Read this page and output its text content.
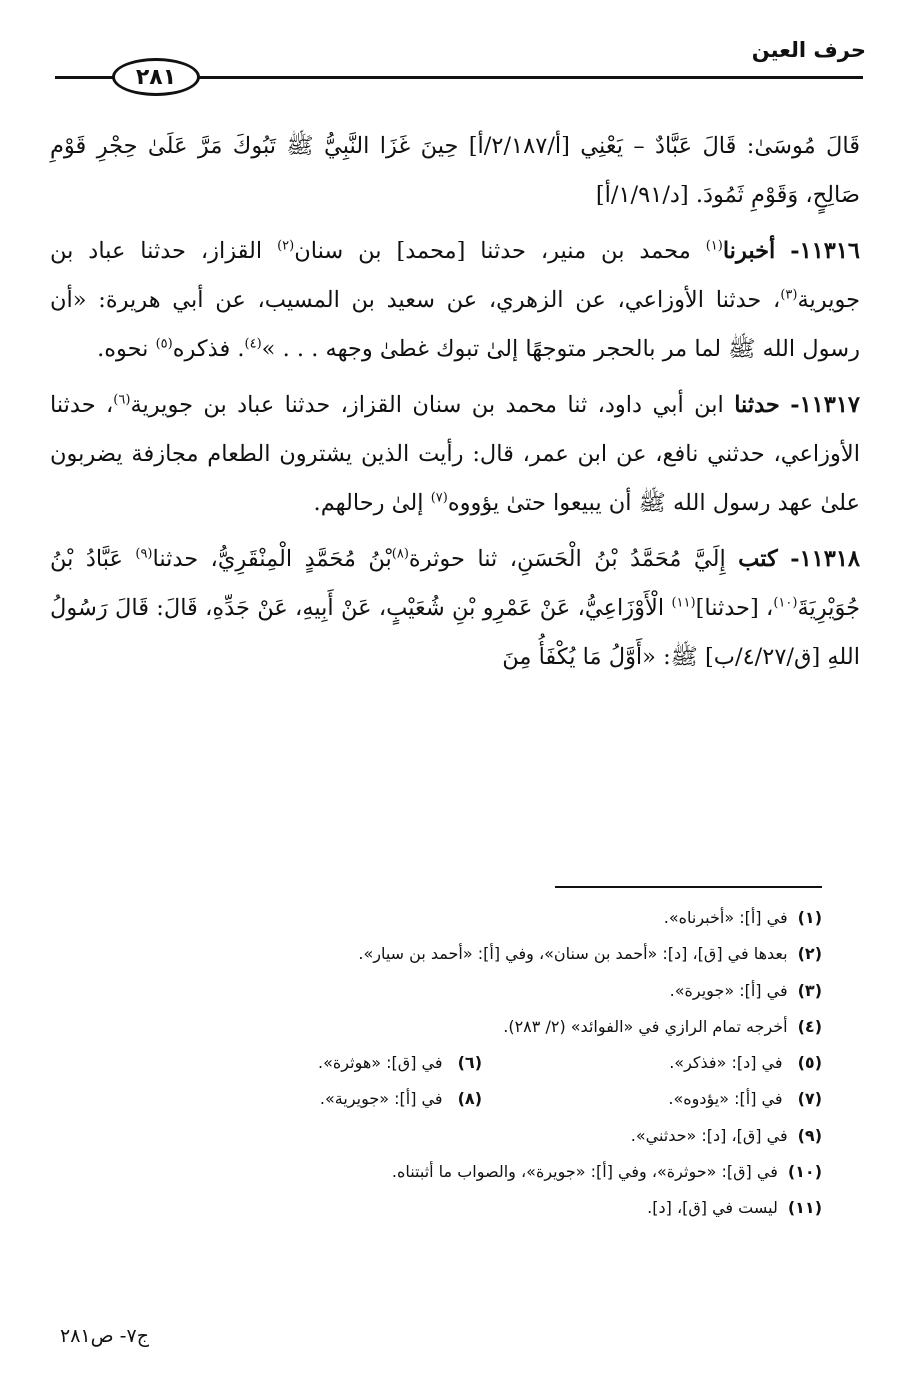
حرف العين
٢٨١

قَالَ مُوسَىٰ: قَالَ عَبَّادٌ – يَعْنِي [أ/٢/١٨٧/أ] حِينَ غَزَا النَّبِيُّ ﷺ تَبُوكَ مَرَّ عَلَىٰ حِجْرِ قَوْمِ صَالِحٍ، وَقَوْمِ ثَمُودَ. [د/١/٩١/أ]

١١٣١٦- أخبرنا$^{(١)}$ محمد بن منير، حدثنا [محمد] بن سنان$^{(٢)}$ القزاز، حدثنا عباد بن جويرية$^{(٣)}$، حدثنا الأوزاعي، عن الزهري، عن سعيد بن المسيب، عن أبي هريرة: «أن رسول الله ﷺ لما مر بالحجر متوجهًا إلىٰ تبوك غطىٰ وجهه . . . »$^{(٤)}$. فذكره$^{(٥)}$ نحوه.

١١٣١٧- حدثنا ابن أبي داود، ثنا محمد بن سنان القزاز، حدثنا عباد بن جويرية$^{(٦)}$، حدثنا الأوزاعي، حدثني نافع، عن ابن عمر، قال: رأيت الذين يشترون الطعام مجازفة يضربون علىٰ عهد رسول الله ﷺ أن يبيعوا حتىٰ يؤووه$^{(٧)}$ إلىٰ رحالهم.

١١٣١٨- كتب إِلَيَّ مُحَمَّدُ بْنُ الْحَسَنِ، ثنا حوثرة$^{(٨)}$بْنُ مُحَمَّدٍ الْمِنْقَرِيُّ، حدثنا$^{(٩)}$ عَبَّادُ بْنُ جُوَيْرِيَةَ$^{(١٠)}$، [حدثنا]$^{(١١)}$ الْأَوْزَاعِيُّ، عَنْ عَمْرِو بْنِ شُعَيْبٍ، عَنْ أَبِيهِ، عَنْ جَدِّهِ، قَالَ: قَالَ رَسُولُ اللهِ [ق/٤/٢٧/ب] ﷺ: «أَوَّلُ مَا يُكْفَأُ مِنَ

(١)
في [أ]: «أخبرناه».
(٢)
بعدها في [ق]، [د]: «أحمد بن سنان»، وفي [أ]: «أحمد بن سيار».
(٣)
في [أ]: «جويرة».
(٤)
أخرجه تمام الرازي في «الفوائد» (٢/ ٢٨٣).
(٥) في [د]: «فذكر».
(٦) في [ق]: «هوثرة».
(٧) في [أ]: «يؤدوه».
(٨) في [أ]: «جويرية».
(٩)
في [ق]، [د]: «حدثني».
(١٠)
في [ق]: «حوثرة»، وفي [أ]: «جويرة»، والصواب ما أثبتناه.
(١١)
ليست في [ق]، [د].
ج٧- ص٢٨١
